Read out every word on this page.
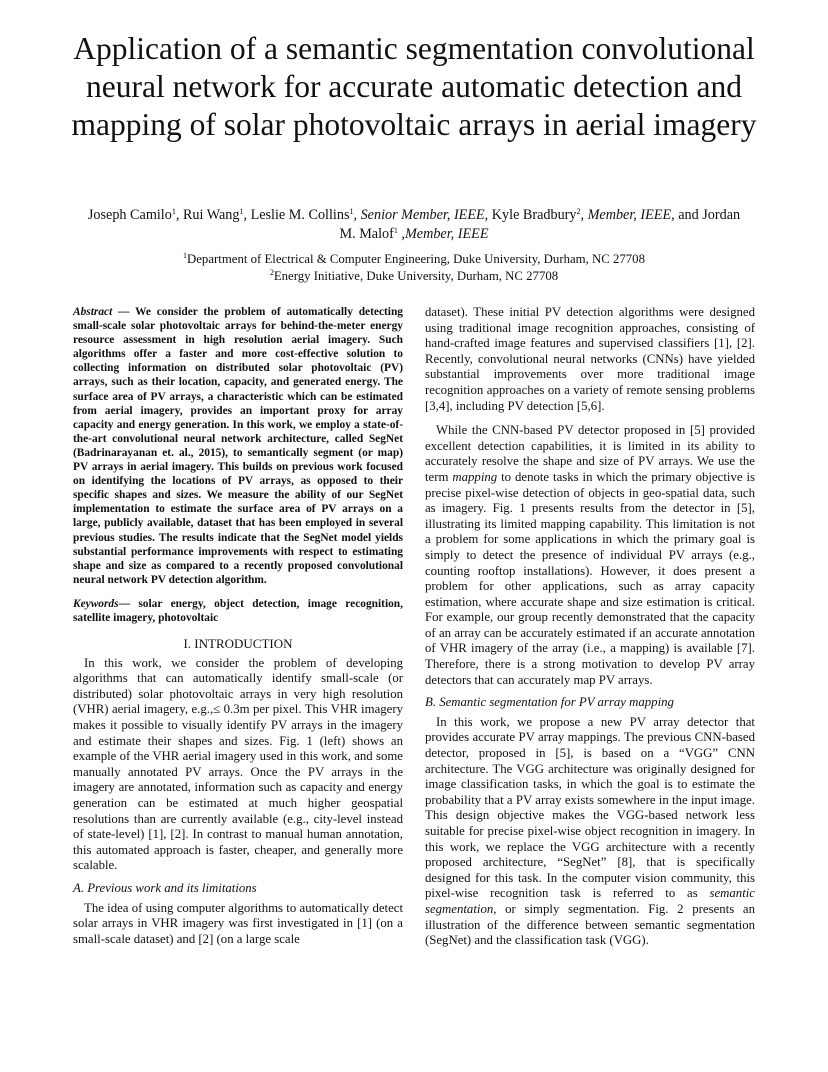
Application of a semantic segmentation convolutional neural network for accurate automatic detection and mapping of solar photovoltaic arrays in aerial imagery
Joseph Camilo$^1$, Rui Wang$^1$, Leslie M. Collins$^1$, Senior Member, IEEE, Kyle Bradbury$^2$, Member, IEEE, and Jordan M. Malof$^1$ ,Member, IEEE
$^1$Department of Electrical & Computer Engineering, Duke University, Durham, NC 27708
$^2$Energy Initiative, Duke University, Durham, NC 27708

Abstract — We consider the problem of automatically detecting small-scale solar photovoltaic arrays for behind-the-meter energy resource assessment in high resolution aerial imagery. Such algorithms offer a faster and more cost-effective solution to collecting information on distributed solar photovoltaic (PV) arrays, such as their location, capacity, and generated energy. The surface area of PV arrays, a characteristic which can be estimated from aerial imagery, provides an important proxy for array capacity and energy generation. In this work, we employ a state-of-the-art convolutional neural network architecture, called SegNet (Badrinarayanan et. al., 2015), to semantically segment (or map) PV arrays in aerial imagery. This builds on previous work focused on identifying the locations of PV arrays, as opposed to their specific shapes and sizes. We measure the ability of our SegNet implementation to estimate the surface area of PV arrays on a large, publicly available, dataset that has been employed in several previous studies. The results indicate that the SegNet model yields substantial performance improvements with respect to estimating shape and size as compared to a recently proposed convolutional neural network PV detection algorithm.

Keywords— solar energy, object detection, image recognition, satellite imagery, photovoltaic

I. INTRODUCTION

In this work, we consider the problem of developing algorithms that can automatically identify small-scale (or distributed) solar photovoltaic arrays in very high resolution (VHR) aerial imagery, e.g.,≤ 0.3m per pixel. This VHR imagery makes it possible to visually identify PV arrays in the imagery and estimate their shapes and sizes. Fig. 1 (left) shows an example of the VHR aerial imagery used in this work, and some manually annotated PV arrays. Once the PV arrays in the imagery are annotated, information such as capacity and energy generation can be estimated at much higher geospatial resolutions than are currently available (e.g., city-level instead of state-level) [1], [2]. In contrast to manual human annotation, this automated approach is faster, cheaper, and generally more scalable.

A. Previous work and its limitations

The idea of using computer algorithms to automatically detect solar arrays in VHR imagery was first investigated in [1] (on a small-scale dataset) and [2] (on a large scale

dataset). These initial PV detection algorithms were designed using traditional image recognition approaches, consisting of hand-crafted image features and supervised classifiers [1], [2]. Recently, convolutional neural networks (CNNs) have yielded substantial improvements over more traditional image recognition approaches on a variety of remote sensing problems [3,4], including PV detection [5,6].

While the CNN-based PV detector proposed in [5] provided excellent detection capabilities, it is limited in its ability to accurately resolve the shape and size of PV arrays. We use the term mapping to denote tasks in which the primary objective is precise pixel-wise detection of objects in geo-spatial data, such as imagery. Fig. 1 presents results from the detector in [5], illustrating its limited mapping capability. This limitation is not a problem for some applications in which the primary goal is simply to detect the presence of individual PV arrays (e.g., counting rooftop installations). However, it does present a problem for other applications, such as array capacity estimation, where accurate shape and size estimation is critical. For example, our group recently demonstrated that the capacity of an array can be accurately estimated if an accurate annotation of VHR imagery of the array (i.e., a mapping) is available [7]. Therefore, there is a strong motivation to develop PV array detectors that can accurately map PV arrays.

B. Semantic segmentation for PV array mapping

In this work, we propose a new PV array detector that provides accurate PV array mappings. The previous CNN-based detector, proposed in [5], is based on a “VGG” CNN architecture. The VGG architecture was originally designed for image classification tasks, in which the goal is to estimate the probability that a PV array exists somewhere in the input image. This design objective makes the VGG-based network less suitable for precise pixel-wise object recognition in imagery. In this work, we replace the VGG architecture with a recently proposed architecture, “SegNet” [8], that is specifically designed for this task. In the computer vision community, this pixel-wise recognition task is referred to as semantic segmentation, or simply segmentation. Fig. 2 presents an illustration of the difference between semantic segmentation (SegNet) and the classification task (VGG).
